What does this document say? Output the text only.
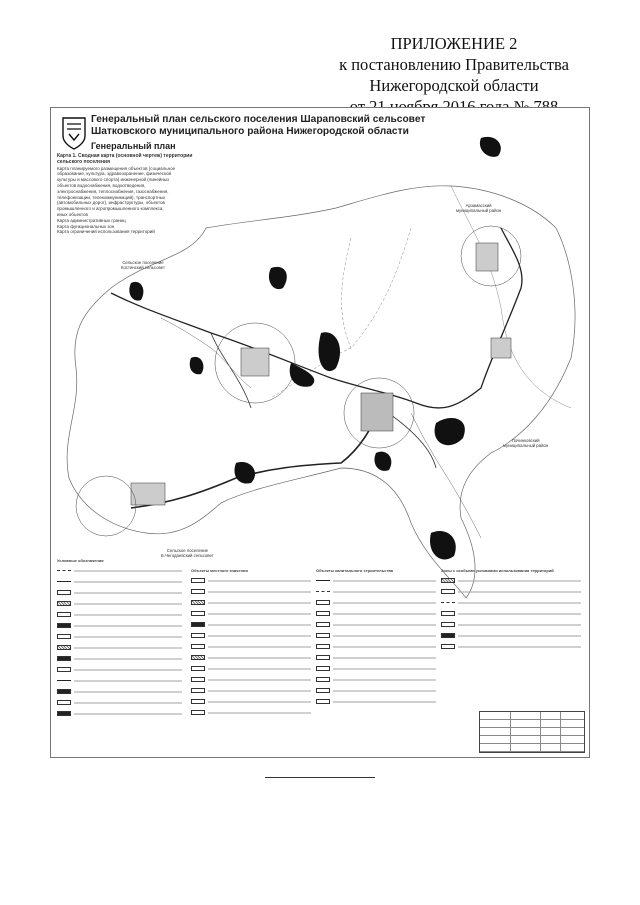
ПРИЛОЖЕНИЕ 2
к постановлению Правительства
Нижегородской области
Генеральный план сельского поселения Шараповский сельсовет
Шатковского муниципального района Нижегородской области
Генеральный план
Карта 1. Сводная карта (основной чертеж) территории сельского поселения
Карта планируемого размещения объектов (социальное
образование, культура, здравоохранение, физической
культуры и массового спорта) инженерной (линейных
объектов водоснабжения, водоотведения,
электроснабжения, теплоснабжения, газоснабжения,
телефонизации, телекоммуникаций), транспортных
(автомобильных дорог), инфраструктуры, объектов
промышленного и агропромышленного комплекса,
иных объектов
Карта административных границ
Карта функциональных зон
Карта ограничений использования территорий
Сельское поселение
Костинский сельсовет
Арзамасский
муниципальный район
Починковский
муниципальный район
Сельское поселение
Б.Чегодаевский сельсовет
Условные обозначения
Объекты местного значения	Объекты капитального строительства	Зоны с особыми условиями использования территорий
